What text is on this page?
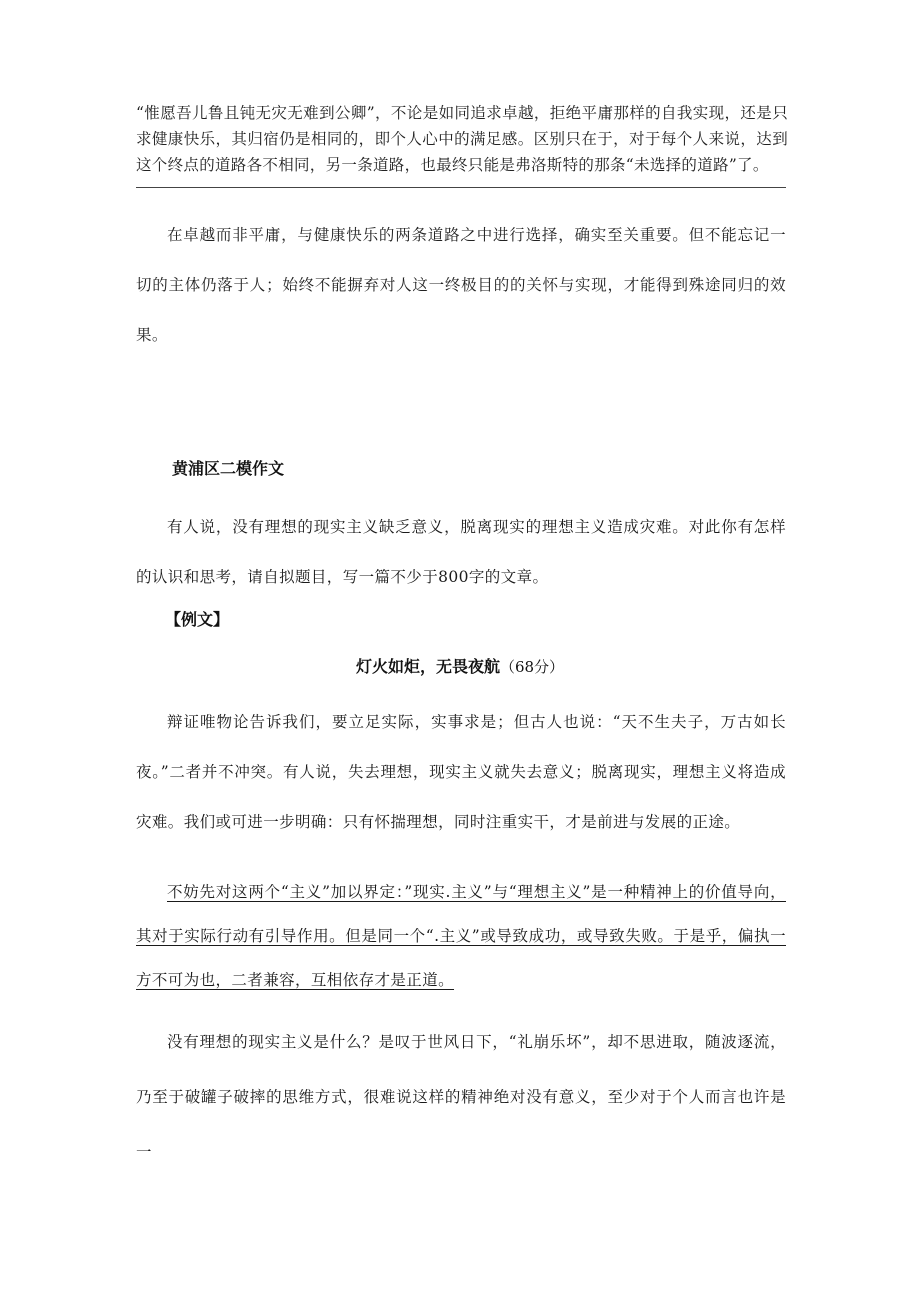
“惟愿吾儿鲁且钝无灾无难到公卿”，不论是如同追求卓越，拒绝平庸那样的自我实现，还是只求健康快乐，其归宿仍是相同的，即个人心中的满足感。区别只在于，对于每个人来说，达到这个终点的道路各不相同，另一条道路，也最终只能是弗洛斯特的那条“未选择的道路”了。

在卓越而非平庸，与健康快乐的两条道路之中进行选择，确实至关重要。但不能忘记一切的主体仍落于人；始终不能摒弃对人这一终极目的的关怀与实现，才能得到殊途同归的效果。

黄浦区二模作文

有人说，没有理想的现实主义缺乏意义，脱离现实的理想主义造成灾难。对此你有怎样的认识和思考，请自拟题目，写一篇不少于800字的文章。

【例文】
灯火如炬，无畏夜航（68分）

辩证唯物论告诉我们，要立足实际，实事求是；但古人也说：“天不生夫子，万古如长夜。”二者并不冲突。有人说，失去理想，现实主义就失去意义；脱离现实，理想主义将造成灾难。我们或可进一步明确：只有怀揣理想，同时注重实干，才是前进与发展的正途。

不妨先对这两个“主义”加以界定：”现实.主义”与“理想主义”是一种精神上的价值导向，其对于实际行动有引导作用。但是同一个“.主义”或导致成功，或导致失败。于是乎，偏执一方不可为也，二者兼容，互相依存才是正道。

没有理想的现实主义是什么？是叹于世风日下，“礼崩乐坏”，却不思进取，随波逐流，乃至于破罐子破摔的思维方式，很难说这样的精神绝对没有意义，至少对于个人而言也许是一
